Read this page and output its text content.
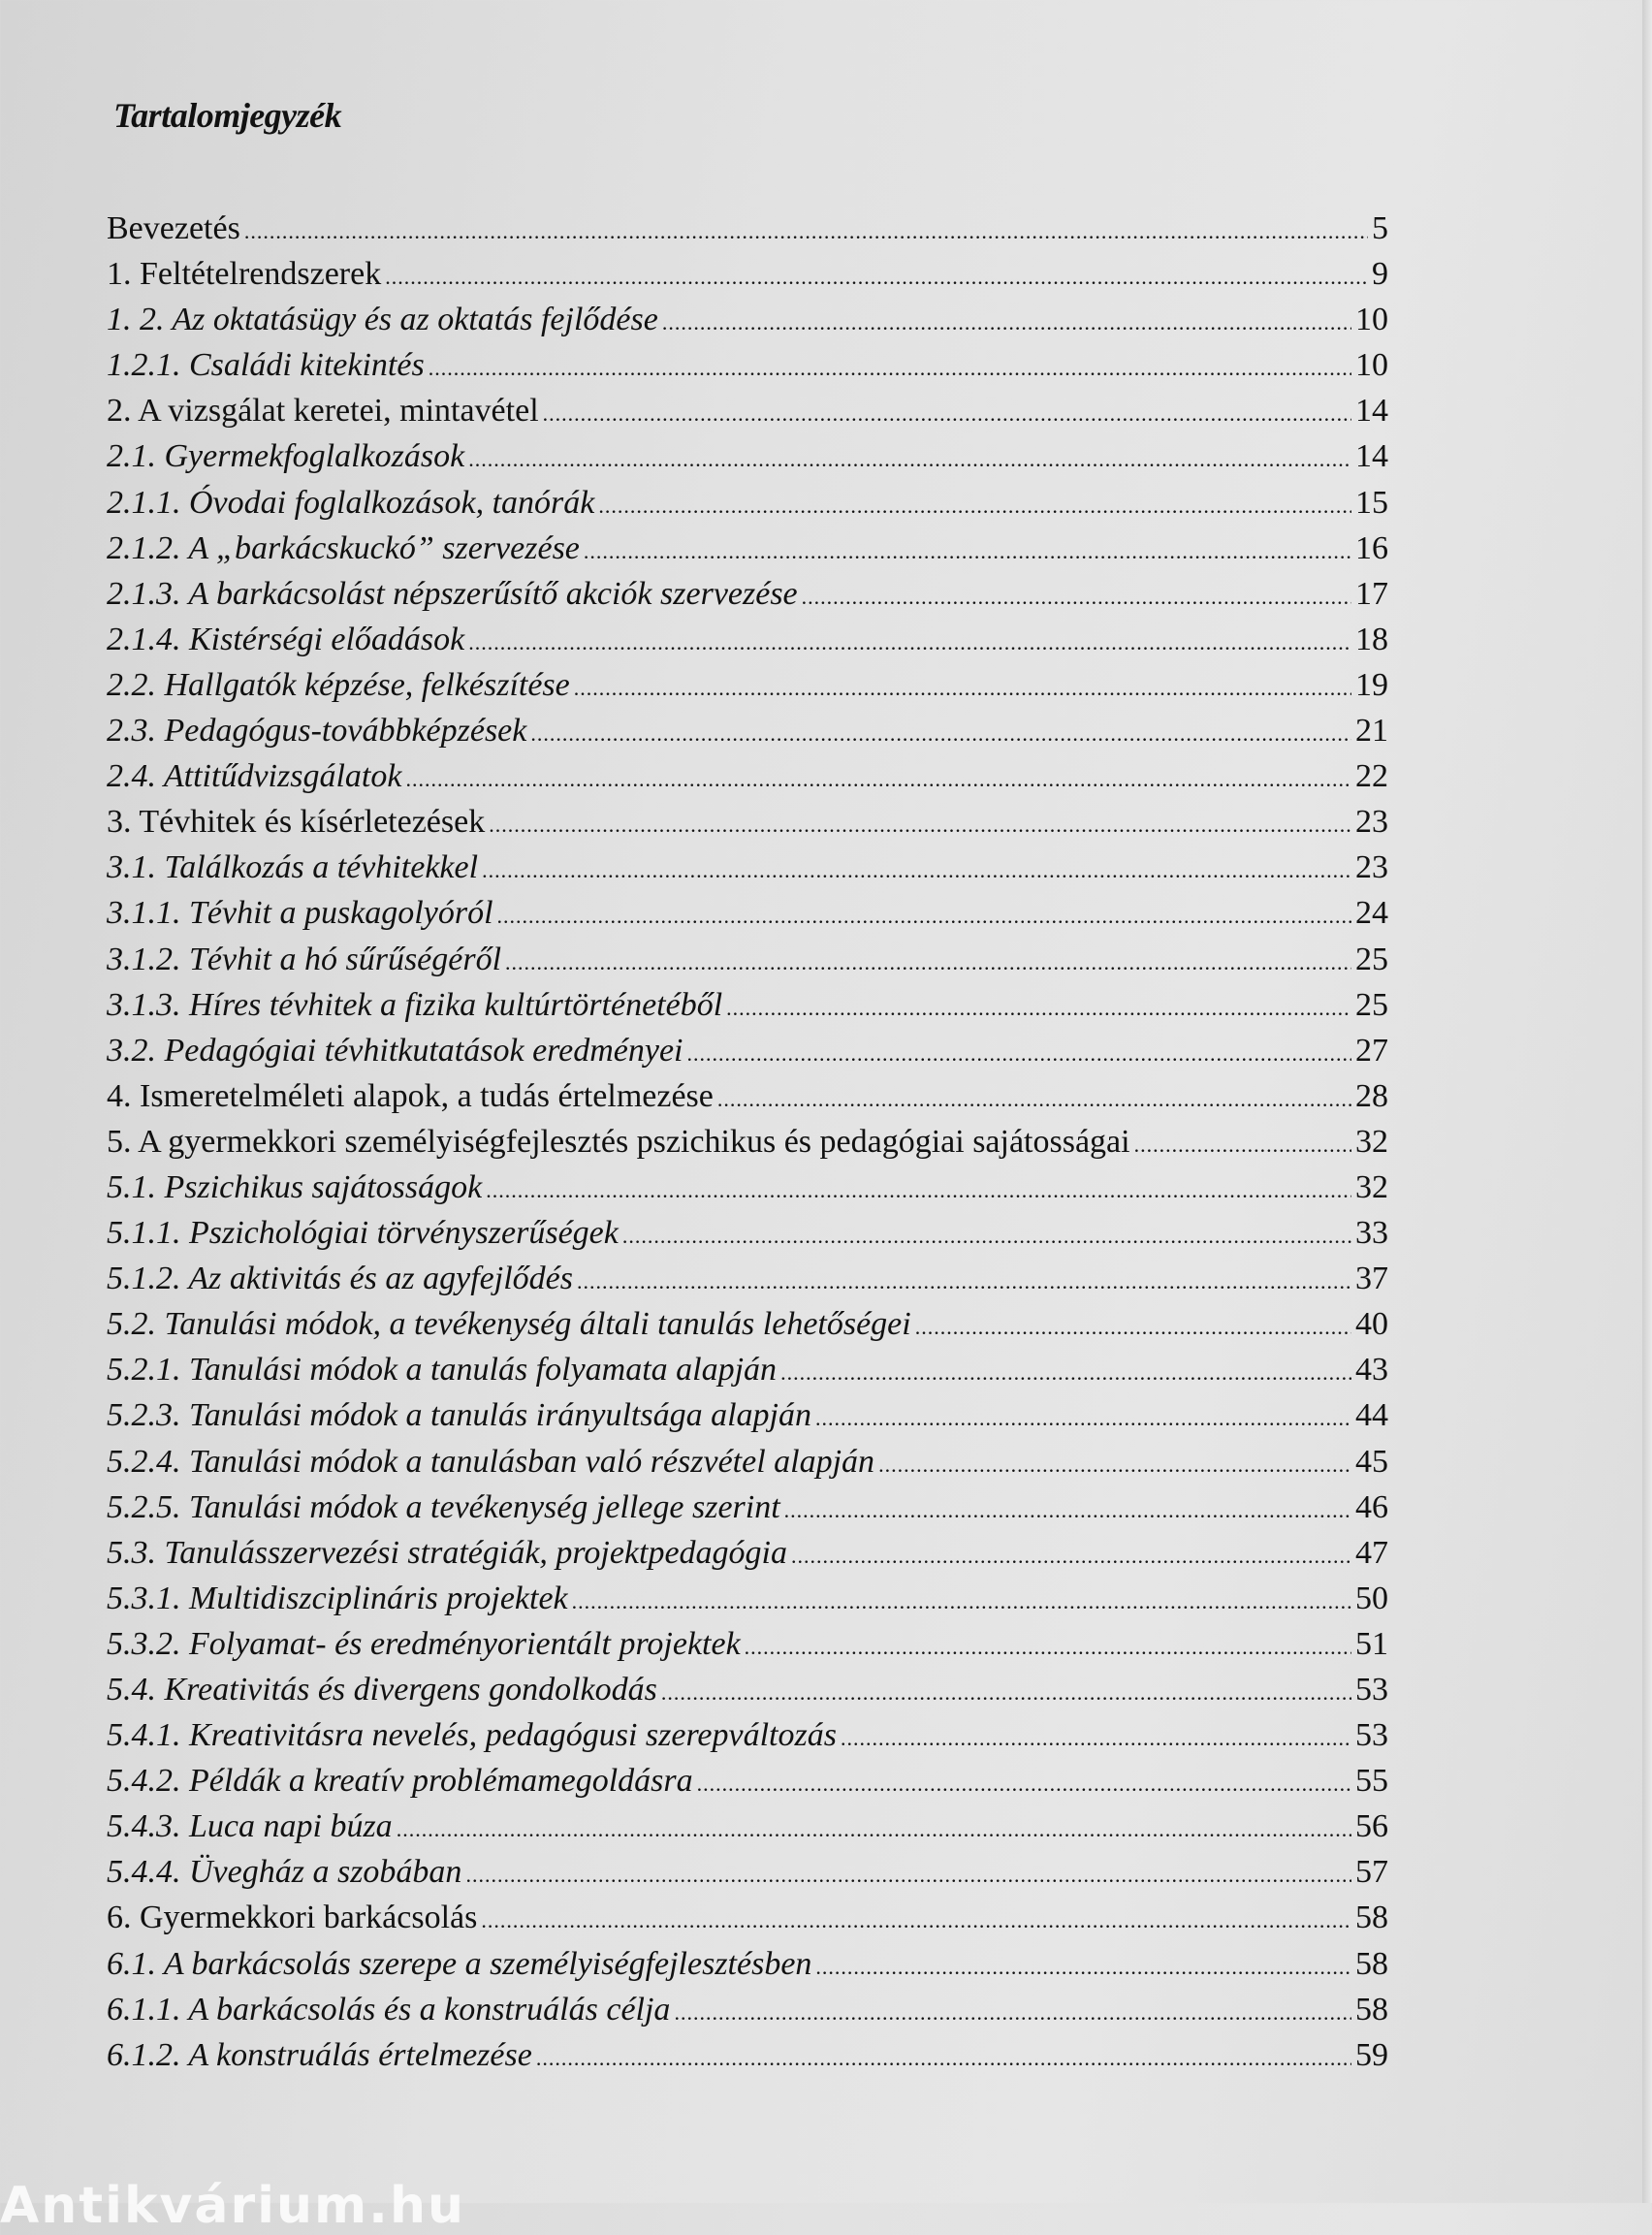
Tartalomjegyzék
Bevezetés .....	5
1. Feltételrendszerek .....	9
1. 2. Az oktatásügy és az oktatás fejlődése .....	10
1.2.1. Családi kitekintés .....	10
2. A vizsgálat keretei, mintavétel .....	14
2.1. Gyermekfoglalkozások .....	14
2.1.1. Óvodai foglalkozások, tanórák .....	15
2.1.2. A „barkácskuckó” szervezése .....	16
2.1.3. A barkácsolást népszerűsítő akciók szervezése .....	17
2.1.4. Kistérségi előadások .....	18
2.2. Hallgatók képzése, felkészítése .....	19
2.3. Pedagógus-továbbképzések .....	21
2.4. Attitűdvizsgálatok .....	22
3. Tévhitek és kísérletezések .....	23
3.1. Találkozás a tévhitekkel .....	23
3.1.1. Tévhit a puskagolyóról .....	24
3.1.2. Tévhit a hó sűrűségéről .....	25
3.1.3. Híres tévhitek a fizika kultúrtörténetéből .....	25
3.2. Pedagógiai tévhitkutatások eredményei .....	27
4. Ismeretelméleti alapok, a tudás értelmezése .....	28
5. A gyermekkori személyiségfejlesztés pszichikus és pedagógiai sajátosságai .....	32
5.1. Pszichikus sajátosságok .....	32
5.1.1. Pszichológiai törvényszerűségek .....	33
5.1.2. Az aktivitás és az agyfejlődés .....	37
5.2. Tanulási módok, a tevékenység általi tanulás lehetőségei .....	40
5.2.1. Tanulási módok a tanulás folyamata alapján .....	43
5.2.3. Tanulási módok a tanulás irányultsága alapján .....	44
5.2.4. Tanulási módok a tanulásban való részvétel alapján .....	45
5.2.5. Tanulási módok a tevékenység jellege szerint .....	46
5.3. Tanulásszervezési stratégiák, projektpedagógia .....	47
5.3.1. Multidiszciplináris projektek .....	50
5.3.2. Folyamat- és eredményorientált projektek .....	51
5.4. Kreativitás és divergens gondolkodás .....	53
5.4.1. Kreativitásra nevelés, pedagógusi szerepváltozás .....	53
5.4.2. Példák a kreatív problémamegoldásra .....	55
5.4.3. Luca napi búza .....	56
5.4.4. Üvegház a szobában .....	57
6. Gyermekkori barkácsolás .....	58
6.1. A barkácsolás szerepe a személyiségfejlesztésben .....	58
6.1.1. A barkácsolás és a konstruálás célja .....	58
6.1.2. A konstruálás értelmezése .....	59
Antikvárium.hu
